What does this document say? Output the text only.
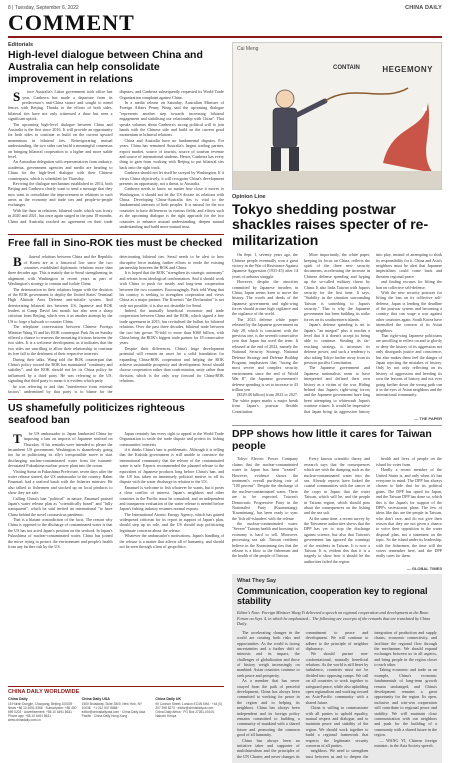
8 | Tuesday, September 6, 2022	CHINA DAILY
COMMENT
Editorials
High-level dialogue between China and Australia can help consolidate improvement in relations

Since Australia's Labor government took office last year, Canberra has made a departure from its predecessor's anti-China stance and sought to mend fences with Beijing. Thanks to the efforts of both sides, bilateral ties have not only witnessed a thaw but seen a significant uptick.

The upcoming high-level dialogue between China and Australia is the first since 2016. It will provide an opportunity for both sides to continue to build on the current upward momentum in bilateral ties. Reinvigorating mutual understanding, the two sides can build a meaningful consensus on bringing bilateral cooperation to a higher and more stable level.

An Australian delegation with representatives from industry, academia, government agencies and media are heading to China for the high-level dialogue with their Chinese counterparts, which is scheduled for Thursday.

Reviving the dialogue mechanism established in 2014, both Beijing and Canberra clearly want to send a message that they now want to consolidate the improvement in relations in such areas as the economy and trade ties and people-to-people exchanges.

With the thaw in relations, bilateral trade, which was frosty in 2020 and 2021, has once again surged in the past 18 months. China and Australia reached an agreement on their trade disputes, and Canberra subsequently requested its World Trade Organization complaint against China.

In a media release on Saturday, Australian Minister of Foreign Affairs Penny Wong said the upcoming dialogue "represents another step towards increasing bilateral engagement and stabilising our relationship with China". That speaks volumes about Canberra's strong political will to join hands with the Chinese side and build on the current good momentum in bilateral relations.

China and Australia have no fundamental disputes. For years, China has remained Australia's largest trading partner, export market, source of tourists, source of tourism revenue and source of international students. Hence, Canberra has every thing to gain from working with Beijing to put bilateral ties back onto the right track.

Canberra should not let itself be swayed by Washington. If it views China objectively, it will recognize China's development presents an opportunity, not a threat, to Australia.

Canberra needs to know no matter how close it moves to Washington, it should not let the US dictate its relations with China. Developing China-Australia ties is vital to the fundamental interests of both peoples. It is natural for the two countries to have differences in various fields, and efforts such as the upcoming dialogue is the right approach for the two countries to enhance mutual understanding, deepen mutual understanding and build more mutual trust.

Free fall in Sino-ROK ties must be checked

Bilateral relations between China and the Republic of Korea are at a historical low since the two countries established diplomatic relations more than three decades ago. This is mainly due to Seoul strengthening its alignment with Washington in recent years as part of Washington's strategy to contain and isolate China.

The deterioration in their relations began with the decision of the ROK government to deploy the United States' Terminal High Altitude Area Defense anti-missile system. And deteriorating bilateral ties between US, Japanese and ROK leaders at Camp David last month has also seen a sharp criticism from Beijing, which sees it as another attempt by the US to forge a bulwark to counter China.

The telephone conversation between Chinese Foreign Minister Wang Yi and his ROK counterpart Park Jin on Sunday offered a chance to reassess the mounting frictions between the two sides. It is a welcome development, as it indicates that the two sides are unwilling to allow their relationship to continue its free fall to the detriment of their respective interests.

During their talks, Wang told the ROK counterpart that China's policy toward the ROK has maintained "continuity and stability", and the ROK should not let its China policy be influenced by a third party. He was referring to the US, signaling that third party to mean it is evident which party

he was referring to and that "interference from external factors" undermined by that party is to blame for the deteriorating bilateral ties. Seoul needs to be alert to how disruptive force making further efforts to erode the existing partnership between the ROK and China.

It is hoped that the ROK "strengthen its strategic autonomy" and refrain from ideological confrontation. And it should work with China to push for steady and long-term cooperation between the two countries. Encouragingly, Park told Wang that his country is seeking to strengthen cooperation and views China as a major partner. The Korean's "the Declaration" is not only not possible, it is also not desirable for Seoul.

Indeed, the mutually beneficial economic and trade cooperation between China and the ROK, which signed a free trade agreement in 2015, has revitalised the ballast for bilateral relations. Over the past three decades, bilateral trade between the two has grown 70-fold to more than $360 billion, with China being the ROK's biggest trade partner for 18 consecutive years.

Despite their differences, China's huge development potential will remain an asset for a solid foundation for expanding China-ROK cooperation and helping the ROK achieve sustainable prosperity and development. Seoul should choose cooperation rather than confrontation, unity rather than division, which is the only way forward for China-ROK relations.

US shamefully politicizes righteous seafood ban

The US ambassador to Japan lambasted China for imposing a ban on imports of Japanese seafood on Thursday. If his remarks were intended to please the incumbent US government, Washington is shamelessly going too far in politicizing its ally's irresponsible move to start discharging nuclear-contaminated water from the tsunami-devastated Fukushima nuclear power plant into the ocean.

Visiting Soma in Fukushima Prefecture, seven days after the water release started, the US ambassador to the country, Rahm Emanuel, had a seafood lunch with the fisheries minister. He also talked to fishermen and stocked up on local products to show they are safe.

Calling China's ban "political" in nature, Emanuel praised Japan's water release plan as "scientifically based" and "fully transparent", which he said invited an international "to have China behind the novel coronavirus pandemic.

That is a blatant contradiction of the facts. The reason why China is opposed to the discharge of contaminated water is that the US has not acted Japan's position on the seafood. In Japan's Fukushima of nuclear-contaminated water, China has joined the move trying to protect the environment and people's health from any further risk by the US.

Japan certainly has every right to appeal to the World Trade Organization to settle the trade dispute and protect its fishing communities' interests

if it thinks China's ban is problematic. Although it is telling that the Kishida government is still unable to convince the international community that the release of the contaminated water is safe. Experts recommended the planned release to the equivalent of Japanese products long before China's ban, and the US has taken an immensely political motive in all its dispute with the water discharge in relation to the US.

Emanuel is welcome to fish whatever he wants, but it poses a clear conflict of interest. Japan's neighbors and other countries in the Pacific must be consulted, and an independent and transparent evaluation of the water release is needed before Japan's fishing industry resumes normal exports.

The International Atomic Energy Agency, which has gained widespread criticism for its report in support of Japan's plan, should step up its role, and the US should stop politicizing legitimate concerns about the release.

Whatever the ambassador's motivations, Japan's handling of the release is a matter that affects all of humanity, and should not be seen through a lens of geopolitics.

CHINA DAILY WORLDWIDE
China Daily
15 Huixin Dongjie, Chaoyang, Beijing 100029 · News +86 10 6491 8366 · Subscription: +86 400 699 0203 · Advertisement: +86 10 6491 8631 · Phone app: +86 10 6491 8631 · www.chinadaily.com.cn
China Daily USA
1500 Broadway, Suite 2800, New York, NY 10036 · +1 212 537 8888 · editor@chinadailyusa.com · China Daily Asia Pacific · China Daily Hong Kong
China Daily UK
90 Cannon Street, London EC4N 6HA · +44 (0) 207 398 8270 · editor@chinadailyuk.com · China Daily Africa · PO Box 27281-00100, Nairobi, Kenya
Cai Meng
CONTAIN	HEGEMONY
Opinion Line
Tokyo shedding postwar shackles raises specter of re-militarization

On Sept. 1, seventy years ago, the Chinese people eventually won a great victory in the War of Resistance Against Japanese Aggression (1931-45) after 14 years of arduous struggle.

However, despite the atrocities committed by Japanese invaders in China, Japan seems keen to move the history. The words and deeds of the Japanese government and right-wing forces should arouse high vigilance and the vigilance of the world.

The 2023 defense white paper released by the Japanese government on July 28, which is consistent with the previous one, is the seventh consecutive year that Japan has used the term. It released at the end of 2022, namely the National Security Strategy, National Defense Strategy and Defense Buildup Program, emphasizes that "facing the most severe and complex security environment since the end of World War II", the Japanese government's defense spending is set to increase to 43 trillion yen

($329.48 billion) from 2023 to 2027. The white paper marks a major break from Japan's postwar flexible Constitution.

More importantly, the white paper, keeping its focus on China, reflects the spirit of the three new security documents, accelerating the increase in Chinese defense spending and hyping up the so-called military threat by China. It also links Taiwan with Japan's security for the first time. It says, "Stability in the situation surrounding Taiwan is something to Japan's security." That is why the Japanese government has been building its strike forces on its southwestern islands.

Japan's defense spending is set to Japan's "an integral" plus it reaches a level that if it doesn't accept its being able to continue. Stealing its far-reaching strategy, it increases its defense power, and such a tendency is also taking Tokyo further away from its postwar pacifist Constitution.

The Japanese government and Japanese nationalists seem to have interpreted and defined their own history as a victim of the war. Hiding behind that Japan's right-wing forces and the Japanese government have long been attempting to whitewash Japan's wartime crimes. It would be imperative that Japan bring its aggression history into play, instead of attempting to shirk its responsibility for it. China and Asia's neighbors must be alert that Japanese imperialism could come back and threaten regional peace.

and finding excuses for lifting the ban on collective self-defense.

With the new security postures for lifting the ban on its collective self-defense, Japan is lending the deadline of the postwar system and becoming a country that can wage a war against other countries again. South Korea have intensified the concern of its Asian neighbors.

That right-wing Japanese politicians are unwilling to reflect on and to glorify or deny the history of its aggression not only disregards justice and conscience, but also makes them feel the danger of Japan rejecting the mistakes of history. Only by not only reflecting on its history of aggression and heeding its own the lessons of history and not ever going further down the wrong path can it in the eyes of Asian neighbors and the international community.

— THE PAPER
DPP shows how little it cares for Taiwan people

Tokyo Electric Power Company claims that the nuclear-contaminated water in Japan has been "treated". However, evidence shows the treatment's overall purifying rate of "100 percent". Despite the discharge of the nuclear-contaminated water, There are to be expected, Taiwan's Democratic Progressive Party in the Nationalist Party (Kuomintang), 'Kuomintang', has been ready to sync the 'fish off-islanders' with the release

the nuclear-contaminated water. "Severe" Taiwan health and boosting its economy is hard to sell. Moreover, processing sea salt. Taiwan residents believe in the Kuomintang ties that the release is a blow to the fishermen and the health of the people of Taiwan.

Every known scientific theory and research says that the consequences which are with the dumping such as the nuclear-contaminated water into the sea. Already reports have linked the coastal communities with the cancer in the crops in Japan: that the water Taiwan, which will be, and the people in Taiwan region, which should pass about the consequences on the fishing and the sea salt.

At the same time, a recent survey by the Taiwanese authorities shows that the DPP has yet to stop the discharge against science, but also that Taiwan's government has ignored the warnings of the residents in Taiwan. It is now a Taiwan. It is, evident this that it is a tragedy to show how it should be the authorities failed the region.

health and lives of people on the island for votes from.

Hardly a recent member of the United States is, and only when it's has everyone in mind. The DPP has always chosen to hide that for its political gains. The DPP has opted for Japan, and the Taiwan DPP has done so, which this is the Japan's for support of the DPP's secessionist plans. The few of ideas like this are the people in Taiwan, who don't care, and do not give their reason that they are not given a chance to voice their opposition to the water disposal plan, not a statement on the topic. So the island under its leadership, with the fishermen, the time will the voters remember here, and the DPP really cares for them.

— GLOBAL TIMES
What They Say
Communication, cooperation key to regional stability
Editor's Note: Foreign Minister Wang Yi delivered a speech on regional cooperation and development at the Boao Forum on Sept. 4, in which he emphasized... The following are excerpts of the remarks that are translated by China Daily.

The accelerating changes in the world are creating both risks and opportunities. As the world is facing uncertainties and a further drift of interests and its impact, the challenges of globalization and those of history weigh increasingly on mankind. Asian countries continue to seek peace and prosperity.

As a member that has never strayed from the path of peaceful development, China has always been committed to working for peace in the region and to helping its neighbors. China has always been independent and its foreign policy remains committed to building a community of mankind with a shared future and promoting the common good of all humanity.

China has always been an initiative taker and supporter of multilateralism and the principles of the UN Charter, and never changes its commitment to peace and development. We will continue to adhere to the principle of neighbor diplomacy.

We should pursue non-confrontational, mutually beneficial relations. As the world is still beset by turbulence, countries must not be divided into opposing camps. We call on all countries to work together to safeguard peace, while also upholding open regionalism and working toward an Asia-Pacific community with a shared future.

China is willing to communicate with all parties to uphold equality, mutual respect and dialogue, and to maintain peace and stability of the region. We should work together to build a regional framework that respects the legitimate security concerns of all parties.

neighbors. We need to strengthen trust between us and to deepen the integration of production and supply chains, economic connectivity, and facilitate the regional flow through the mechanism. We should expand exchanges between us in all aspects, and bring people in the region closer to each other.

Taking economic and trade as an example, China's economic fundamentals of long-term growth remain unchanged, and China's development remains a great opportunity for the region. Its open, inclusive and win-win cooperation will contribute to regional peace and stability. We will maintain close communication with our neighbors and push for the building of a community with a shared future in the region.

— WANG YI, Chinese foreign minister, in the Asia Society speech.
